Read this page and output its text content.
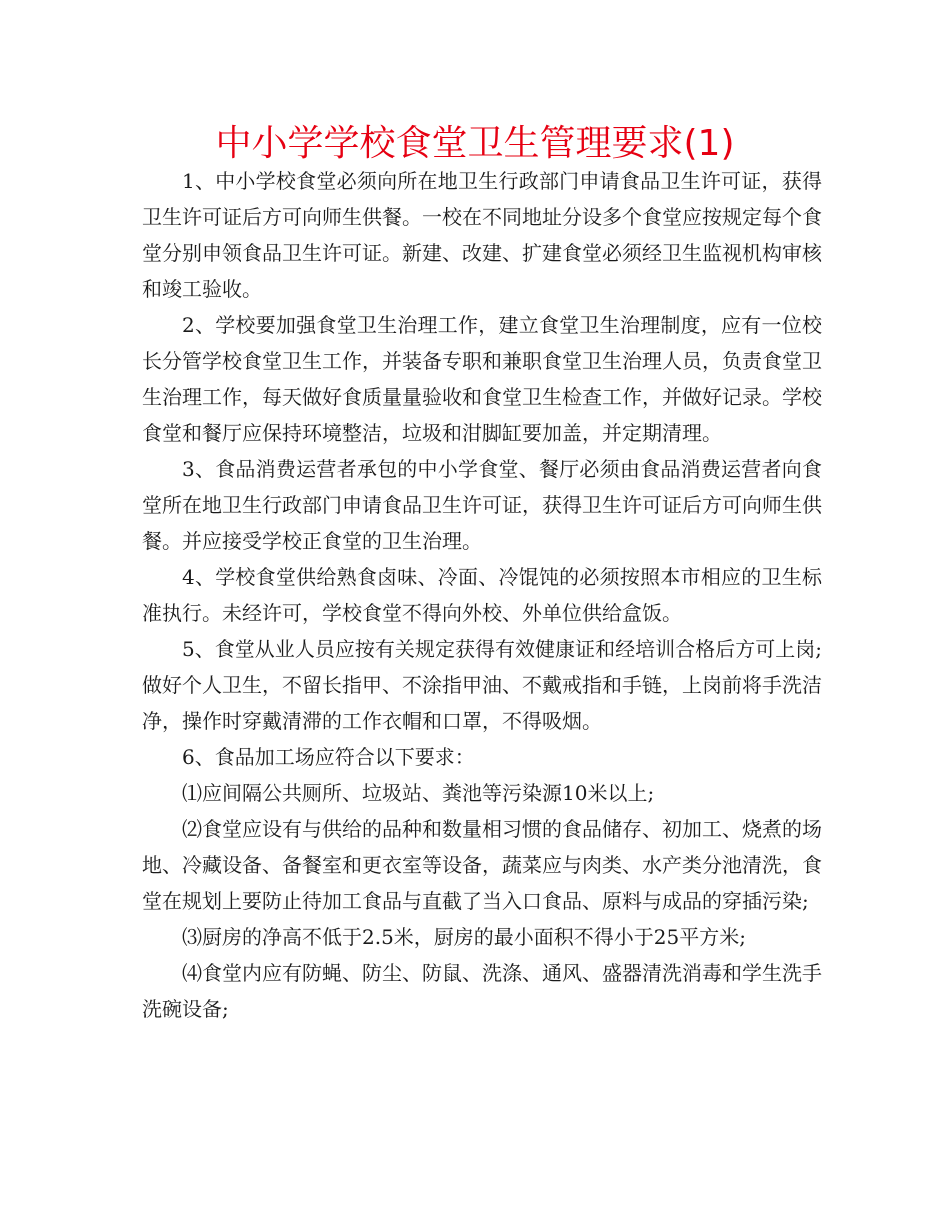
中小学学校食堂卫生管理要求(1)

1、中小学校食堂必须向所在地卫生行政部门申请食品卫生许可证，获得卫生许可证后方可向师生供餐。一校在不同地址分设多个食堂应按规定每个食堂分别申领食品卫生许可证。新建、改建、扩建食堂必须经卫生监视机构审核和竣工验收。

2、学校要加强食堂卫生治理工作，建立食堂卫生治理制度，应有一位校长分管学校食堂卫生工作，并装备专职和兼职食堂卫生治理人员，负责食堂卫生治理工作，每天做好食质量量验收和食堂卫生检查工作，并做好记录。学校食堂和餐厅应保持环境整洁，垃圾和泔脚缸要加盖，并定期清理。

3、食品消费运营者承包的中小学食堂、餐厅必须由食品消费运营者向食堂所在地卫生行政部门申请食品卫生许可证，获得卫生许可证后方可向师生供餐。并应接受学校正食堂的卫生治理。

4、学校食堂供给熟食卤味、冷面、冷馄饨的必须按照本市相应的卫生标准执行。未经许可，学校食堂不得向外校、外单位供给盒饭。

5、食堂从业人员应按有关规定获得有效健康证和经培训合格后方可上岗;做好个人卫生，不留长指甲、不涂指甲油、不戴戒指和手链，上岗前将手洗洁净，操作时穿戴清滞的工作衣帽和口罩，不得吸烟。

6、食品加工场应符合以下要求：

⑴应间隔公共厕所、垃圾站、粪池等污染源10米以上;

⑵食堂应设有与供给的品种和数量相习惯的食品储存、初加工、烧煮的场地、冷藏设备、备餐室和更衣室等设备，蔬菜应与肉类、水产类分池清洗，食堂在规划上要防止待加工食品与直截了当入口食品、原料与成品的穿插污染;

⑶厨房的净高不低于2.5米，厨房的最小面积不得小于25平方米;

⑷食堂内应有防蝇、防尘、防鼠、洗涤、通风、盛器清洗消毒和学生洗手洗碗设备;
